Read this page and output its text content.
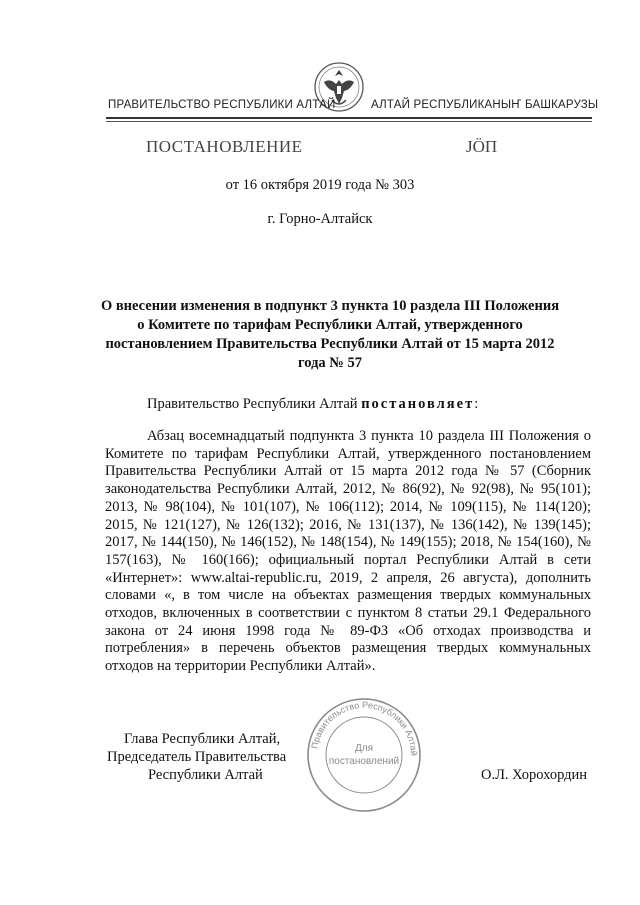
ПРАВИТЕЛЬСТВО РЕСПУБЛИКИ АЛТАЙ	АЛТАЙ РЕСПУБЛИКАНЫҤ БАШКАРУЗЫ
ПОСТАНОВЛЕНИЕ	ЈӦП
от 16 октября 2019 года № 303
г. Горно-Алтайск
О внесении изменения в подпункт 3 пункта 10 раздела III Положения о Комитете по тарифам Республики Алтай, утвержденного постановлением Правительства Республики Алтай от 15 марта 2012 года № 57
Правительство Республики Алтай постановляет:
Абзац восемнадцатый подпункта 3 пункта 10 раздела III Положения о Комитете по тарифам Республики Алтай, утвержденного постановлением Правительства Республики Алтай от 15 марта 2012 года № 57 (Сборник законодательства Республики Алтай, 2012, № 86(92), № 92(98), № 95(101); 2013, № 98(104), № 101(107), № 106(112); 2014, № 109(115), № 114(120); 2015, № 121(127), № 126(132); 2016, № 131(137), № 136(142), № 139(145); 2017, № 144(150), № 146(152), № 148(154), № 149(155); 2018, № 154(160), № 157(163), № 160(166); официальный портал Республики Алтай в сети «Интернет»: www.altai-republic.ru, 2019, 2 апреля, 26 августа), дополнить словами «, в том числе на объектах размещения твердых коммунальных отходов, включенных в соответствии с пунктом 8 статьи 29.1 Федерального закона от 24 июня 1998 года № 89-ФЗ «Об отходах производства и потребления» в перечень объектов размещения твердых коммунальных отходов на территории Республики Алтай».
Правительство Республики Алтай
Для
постановлений
Глава Республики Алтай,
Председатель Правительства
Республики Алтай	О.Л. Хорохордин
